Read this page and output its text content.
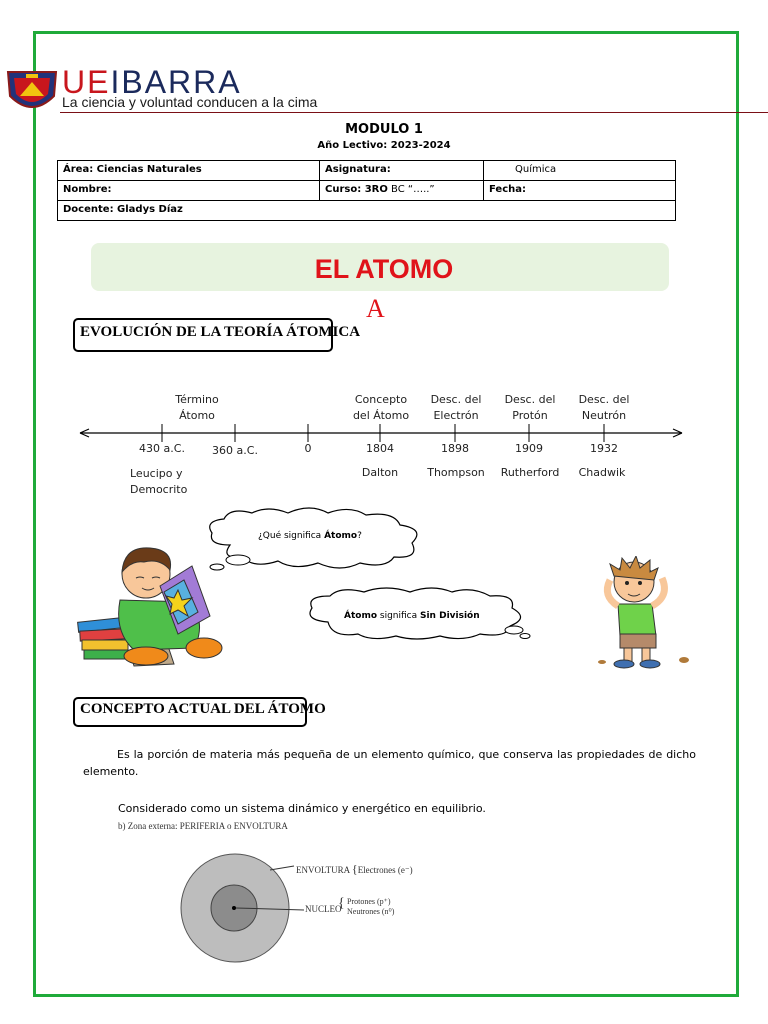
UEIBARRA
La ciencia y voluntad conducen a la cima
MODULO 1
Año Lectivo: 2023-2024
Área: Ciencias Naturales	Asignatura:	Química
Nombre:	Curso: 3RO BC “…..”	Fecha:
Docente: Gladys Díaz		
EL ATOMO
A
EVOLUCIÓN DE LA TEORÍA ÁTOMICA
Término
Átomo
Concepto
del Átomo
Desc. del
Electrón
Desc. del
Protón
Desc. del
Neutrón
430 a.C.	360 a.C.	0	1804	1898	1909	1932
Leucipo y
Democrito
Dalton	Thompson	Rutherford	Chadwik
¿Qué significa Átomo?
Átomo significa Sin División
CONCEPTO ACTUAL DEL ÁTOMO
Es la porción de materia más pequeña de un elemento químico, que conserva las propiedades de dicho
elemento.
Considerado como un sistema dinámico y energético en equilibrio.
b) Zona externa: PERIFERIA o ENVOLTURA
ENVOLTURA {Electrones (e⁻)
NUCLEO
{ Protones (p⁺)
Neutrones (n⁰)
